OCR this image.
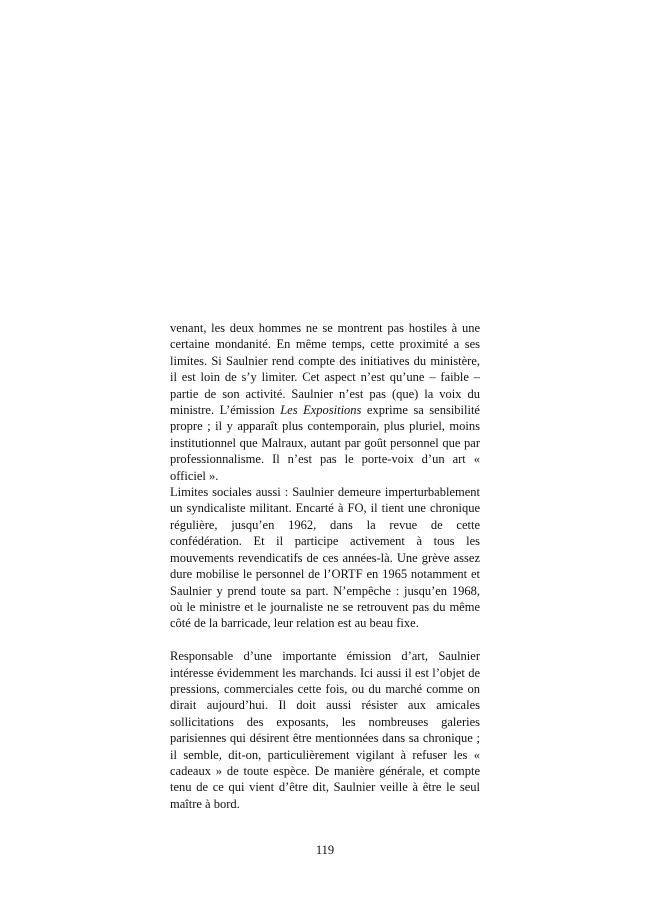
venant, les deux hommes ne se montrent pas hostiles à une certaine mondanité. En même temps, cette proximité a ses limites. Si Saulnier rend compte des initiatives du ministère, il est loin de s’y limiter. Cet aspect n’est qu’une – faible – partie de son activité. Saulnier n’est pas (que) la voix du ministre. L’émission Les Expositions exprime sa sensibilité propre ; il y apparaît plus contemporain, plus pluriel, moins institutionnel que Malraux, autant par goût personnel que par professionnalisme. Il n’est pas le porte-voix d’un art « officiel ».

Limites sociales aussi : Saulnier demeure imperturbablement un syndicaliste militant. Encarté à FO, il tient une chronique régulière, jusqu’en 1962, dans la revue de cette confédération. Et il participe activement à tous les mouvements revendicatifs de ces années-là. Une grève assez dure mobilise le personnel de l’ORTF en 1965 notamment et Saulnier y prend toute sa part. N’empêche : jusqu’en 1968, où le ministre et le journaliste ne se retrouvent pas du même côté de la barricade, leur relation est au beau fixe.

Responsable d’une importante émission d’art, Saulnier intéresse évidemment les marchands. Ici aussi il est l’objet de pressions, commerciales cette fois, ou du marché comme on dirait aujourd’hui. Il doit aussi résister aux amicales sollicitations des exposants, les nombreuses galeries parisiennes qui désirent être mentionnées dans sa chronique ; il semble, dit-on, particulièrement vigilant à refuser les « cadeaux » de toute espèce. De manière générale, et compte tenu de ce qui vient d’être dit, Saulnier veille à être le seul maître à bord.

119
